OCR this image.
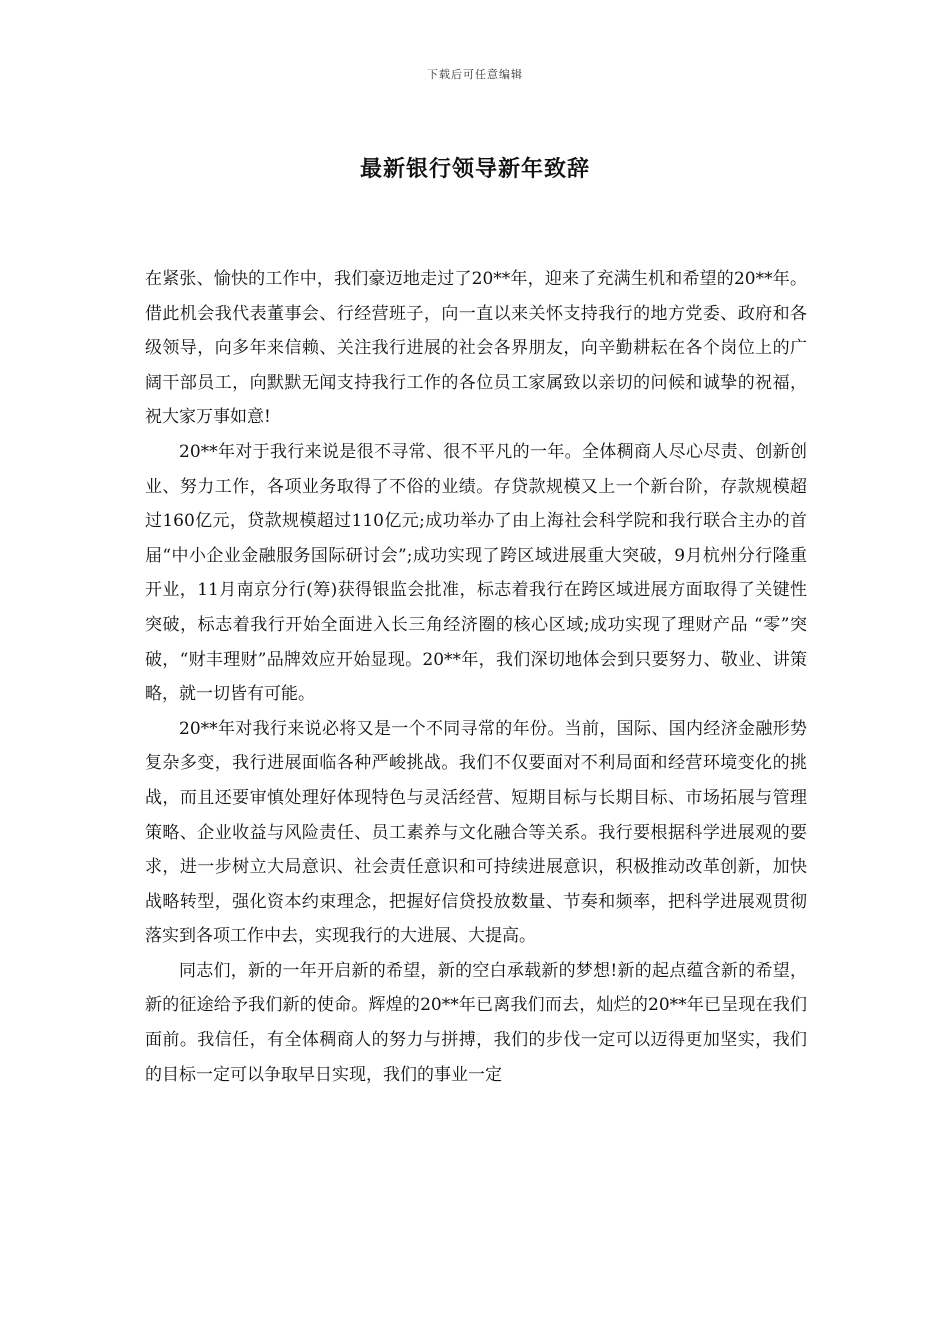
下载后可任意编辑
最新银行领导新年致辞

在紧张、愉快的工作中，我们豪迈地走过了20**年，迎来了充满生机和希望的20**年。借此机会我代表董事会、行经营班子，向一直以来关怀支持我行的地方党委、政府和各级领导，向多年来信赖、关注我行进展的社会各界朋友，向辛勤耕耘在各个岗位上的广阔干部员工，向默默无闻支持我行工作的各位员工家属致以亲切的问候和诚挚的祝福，祝大家万事如意!

20**年对于我行来说是很不寻常、很不平凡的一年。全体稠商人尽心尽责、创新创业、努力工作，各项业务取得了不俗的业绩。存贷款规模又上一个新台阶，存款规模超过160亿元，贷款规模超过110亿元;成功举办了由上海社会科学院和我行联合主办的首届“中小企业金融服务国际研讨会”;成功实现了跨区域进展重大突破，9月杭州分行隆重开业，11月南京分行(筹)获得银监会批准，标志着我行在跨区域进展方面取得了关键性突破，标志着我行开始全面进入长三角经济圈的核心区域;成功实现了理财产品 “零”突破，“财丰理财”品牌效应开始显现。20**年，我们深切地体会到只要努力、敬业、讲策略，就一切皆有可能。

20**年对我行来说必将又是一个不同寻常的年份。当前，国际、国内经济金融形势复杂多变，我行进展面临各种严峻挑战。我们不仅要面对不利局面和经营环境变化的挑战，而且还要审慎处理好体现特色与灵活经营、短期目标与长期目标、市场拓展与管理策略、企业收益与风险责任、员工素养与文化融合等关系。我行要根据科学进展观的要求，进一步树立大局意识、社会责任意识和可持续进展意识，积极推动改革创新，加快战略转型，强化资本约束理念，把握好信贷投放数量、节奏和频率，把科学进展观贯彻落实到各项工作中去，实现我行的大进展、大提高。

同志们，新的一年开启新的希望，新的空白承载新的梦想!新的起点蕴含新的希望，新的征途给予我们新的使命。辉煌的20**年已离我们而去，灿烂的20**年已呈现在我们面前。我信任，有全体稠商人的努力与拼搏，我们的步伐一定可以迈得更加坚实，我们的目标一定可以争取早日实现，我们的事业一定
